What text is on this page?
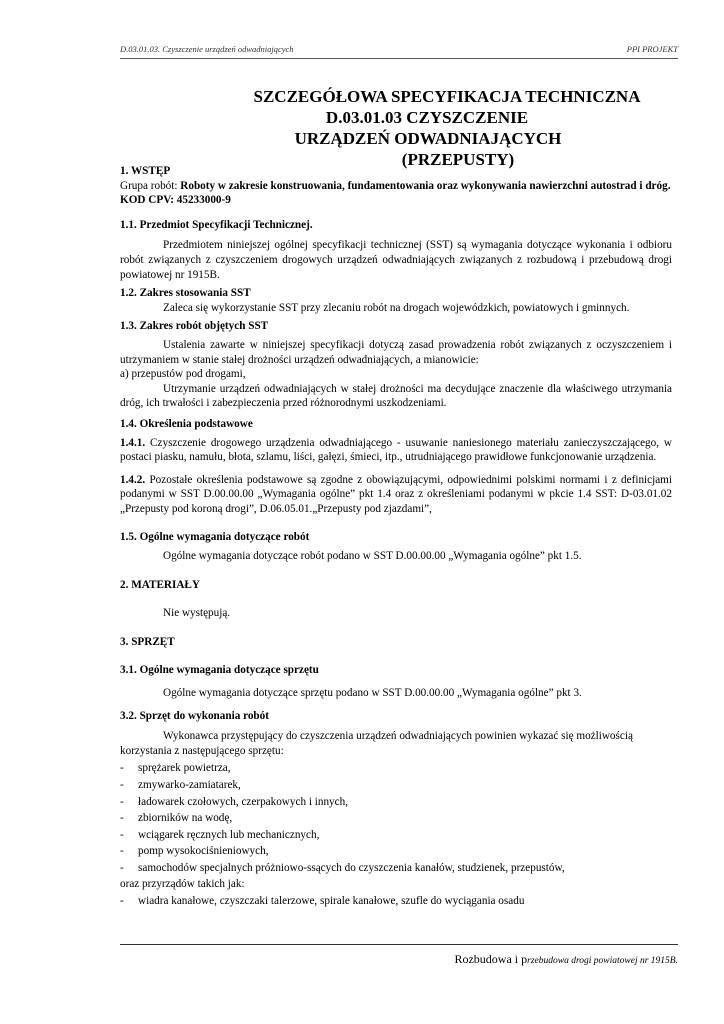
D.03.01.03. Czyszczenie urządzeń odwadniających	PPI PROJEKT
SZCZEGÓŁOWA SPECYFIKACJA TECHNICZNA
D.03.01.03 CZYSZCZENIE
URZĄDZEŃ ODWADNIAJĄCYCH
(PRZEPUSTY)
1. WSTĘP
Grupa robót: Roboty w zakresie konstruowania, fundamentowania oraz wykonywania nawierzchni autostrad i dróg.
KOD CPV: 45233000-9
1.1. Przedmiot Specyfikacji Technicznej.
Przedmiotem niniejszej ogólnej specyfikacji technicznej (SST) są wymagania dotyczące wykonania i odbioru robót związanych z czyszczeniem drogowych urządzeń odwadniających związanych z rozbudową i przebudową drogi powiatowej nr 1915B.
1.2. Zakres stosowania SST
Zaleca się wykorzystanie SST przy zlecaniu robót na drogach wojewódzkich, powiatowych i gminnych.
1.3. Zakres robót objętych SST
Ustalenia zawarte w niniejszej specyfikacji dotyczą zasad prowadzenia robót związanych z oczyszczeniem i utrzymaniem w stanie stałej drożności urządzeń odwadniających, a mianowicie:
a) przepustów pod drogami,
Utrzymanie urządzeń odwadniających w stałej drożności ma decydujące znaczenie dla właściwego utrzymania dróg, ich trwałości i zabezpieczenia przed różnorodnymi uszkodzeniami.
1.4. Określenia podstawowe
1.4.1. Czyszczenie drogowego urządzenia odwadniającego - usuwanie naniesionego materiału zanieczyszczającego, w postaci piasku, namułu, błota, szlamu, liści, gałęzi, śmieci, itp., utrudniającego prawidłowe funkcjonowanie urządzenia.
1.4.2. Pozostałe określenia podstawowe są zgodne z obowiązującymi, odpowiednimi polskimi normami i z definicjami podanymi w SST D.00.00.00 „Wymagania ogólne” pkt 1.4 oraz z określeniami podanymi w pkcie 1.4 SST: D-03.01.02 „Przepusty pod koroną drogi”, D.06.05.01.„Przepusty pod zjazdami”,
1.5. Ogólne wymagania dotyczące robót
Ogólne wymagania dotyczące robót podano w SST D.00.00.00 „Wymagania ogólne” pkt 1.5.
2. MATERIAŁY
Nie występują.
3. SPRZĘT
3.1. Ogólne wymagania dotyczące sprzętu
Ogólne wymagania dotyczące sprzętu podano w SST D.00.00.00 „Wymagania ogólne” pkt 3.
3.2. Sprzęt do wykonania robót
Wykonawca przystępujący do czyszczenia urządzeń odwadniających powinien wykazać się możliwością korzystania z następującego sprzętu:
-	sprężarek powietrza,
-	zmywarko-zamiatarek,
-	ładowarek czołowych, czerpakowych i innych,
-	zbiorników na wodę,
-	wciągarek ręcznych lub mechanicznych,
-	pomp wysokociśnieniowych,
-	samochodów specjalnych próżniowo-ssących do czyszczenia kanałów, studzienek, przepustów,
oraz przyrządów takich jak:
-	wiadra kanałowe, czyszczaki talerzowe, spirale kanałowe, szufle do wyciągania osadu
Rozbudowa i przebudowa drogi powiatowej nr 1915B.
